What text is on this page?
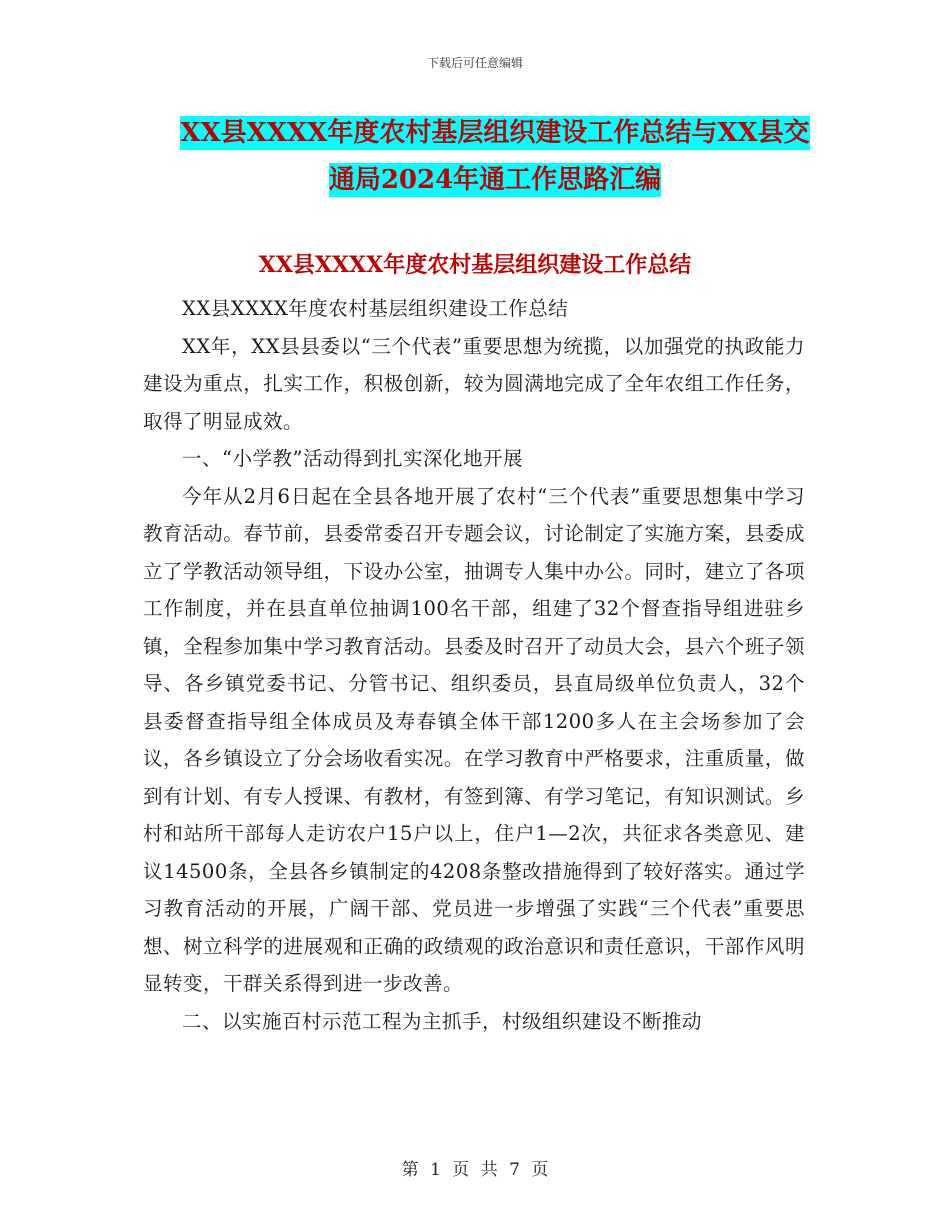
下载后可任意编辑
XX县XXXX年度农村基层组织建设工作总结与XX县交
通局2024年通工作思路汇编
XX县XXXX年度农村基层组织建设工作总结

XX县XXXX年度农村基层组织建设工作总结

XX年，XX县县委以“三个代表”重要思想为统揽，以加强党的执政能力建设为重点，扎实工作，积极创新，较为圆满地完成了全年农组工作任务，取得了明显成效。

一、“小学教”活动得到扎实深化地开展

今年从2月6日起在全县各地开展了农村“三个代表”重要思想集中学习教育活动。春节前，县委常委召开专题会议，讨论制定了实施方案，县委成立了学教活动领导组，下设办公室，抽调专人集中办公。同时，建立了各项工作制度，并在县直单位抽调100名干部，组建了32个督查指导组进驻乡镇，全程参加集中学习教育活动。县委及时召开了动员大会，县六个班子领导、各乡镇党委书记、分管书记、组织委员，县直局级单位负责人，32个县委督查指导组全体成员及寿春镇全体干部1200多人在主会场参加了会议，各乡镇设立了分会场收看实况。在学习教育中严格要求，注重质量，做到有计划、有专人授课、有教材，有签到簿、有学习笔记，有知识测试。乡村和站所干部每人走访农户15户以上，住户1—2次，共征求各类意见、建议14500条，全县各乡镇制定的4208条整改措施得到了较好落实。通过学习教育活动的开展，广阔干部、党员进一步增强了实践“三个代表”重要思想、树立科学的进展观和正确的政绩观的政治意识和责任意识，干部作风明显转变，干群关系得到进一步改善。

二、以实施百村示范工程为主抓手，村级组织建设不断推动

第 1 页 共 7 页
